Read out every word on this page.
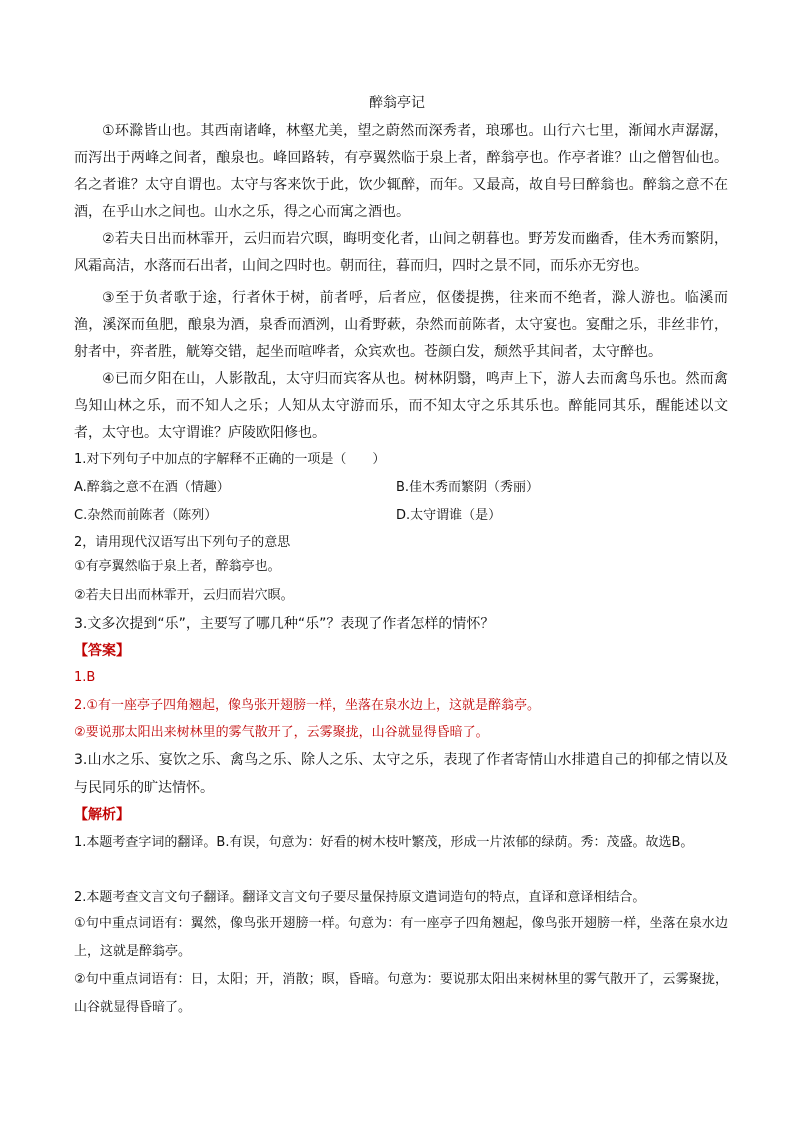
醉翁亭记

①环滁皆山也。其西南诸峰，林壑尤美，望之蔚然而深秀者，琅琊也。山行六七里，渐闻水声潺潺，而泻出于两峰之间者，酿泉也。峰回路转，有亭翼然临于泉上者，醉翁亭也。作亭者谁？山之僧智仙也。名之者谁？太守自谓也。太守与客来饮于此，饮少辄醉，而年。又最高，故自号曰醉翁也。醉翁之意不在酒，在乎山水之间也。山水之乐，得之心而寓之酒也。

②若夫日出而林霏开，云归而岩穴暝，晦明变化者，山间之朝暮也。野芳发而幽香，佳木秀而繁阴，风霜高洁，水落而石出者，山间之四时也。朝而往，暮而归，四时之景不同，而乐亦无穷也。

③至于负者歌于途，行者休于树，前者呼，后者应，伛偻提携，往来而不绝者，滁人游也。临溪而渔，溪深而鱼肥，酿泉为酒，泉香而酒洌，山肴野蔌，杂然而前陈者，太守宴也。宴酣之乐，非丝非竹，射者中，弈者胜，觥筹交错，起坐而喧哗者，众宾欢也。苍颜白发，颓然乎其间者，太守醉也。

④已而夕阳在山，人影散乱，太守归而宾客从也。树林阴翳，鸣声上下，游人去而禽鸟乐也。然而禽鸟知山林之乐，而不知人之乐；人知从太守游而乐，而不知太守之乐其乐也。醉能同其乐，醒能述以文者，太守也。太守谓谁？庐陵欧阳修也。

1.对下列句子中加点的字解释不正确的一项是（　　）
A.醉翁之意不在酒（情趣）	B.佳木秀而繁阴（秀丽）
C.杂然而前陈者（陈列）	D.太守谓谁（是）
2，请用现代汉语写出下列句子的意思
①有亭翼然临于泉上者，醉翁亭也。
②若夫日出而林霏开，云归而岩穴暝。
3.文多次提到“乐”，主要写了哪几种“乐”？表现了作者怎样的情怀？
【答案】
1.B
2.①有一座亭子四角翘起，像鸟张开翅膀一样，坐落在泉水边上，这就是醉翁亭。
②要说那太阳出来树林里的雾气散开了，云雾聚拢，山谷就显得昏暗了。

3.山水之乐、宴饮之乐、禽鸟之乐、除人之乐、太守之乐，表现了作者寄情山水排遣自己的抑郁之情以及与民同乐的旷达情怀。

【解析】

1.本题考查字词的翻译。B.有误，句意为：好看的树木枝叶繁茂，形成一片浓郁的绿荫。秀：茂盛。故选B。

2.本题考查文言文句子翻译。翻译文言文句子要尽量保持原文遣词造句的特点，直译和意译相结合。

①句中重点词语有：翼然，像鸟张开翅膀一样。句意为：有一座亭子四角翘起，像鸟张开翅膀一样，坐落在泉水边上，这就是醉翁亭。

②句中重点词语有：日，太阳；开，消散；暝，昏暗。句意为：要说那太阳出来树林里的雾气散开了，云雾聚拢，山谷就显得昏暗了。
